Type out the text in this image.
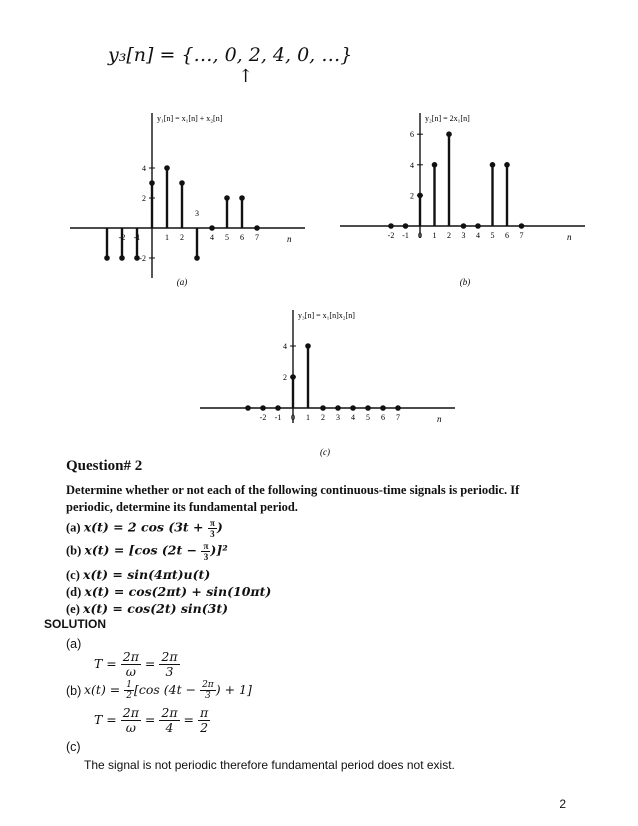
y₃[n] = {…, 0, 2, 4, 0, …}
↑
n
y₁[n] = x₁[n] + x₂[n]
-2 -1	1 2	4 5 6 7
4
2
-2
3
(a)
n
y₂[n] = 2x₁[n]
-2 -1 0 1 2 3 4 5 6 7
6
4
2
(b)
n
y₃[n] = x₁[n]x₂[n]
-2 -1 0 1 2 3 4 5 6 7
4
2
(c)
Question# 2
Determine whether or not each of the following continuous-time signals is periodic. If periodic, determine its fundamental period.
(a) x(t) = 2 $\cos (3t + \frac{\pi}{3}$ )
(b) x(t) = [cos $(2t - \frac{\pi}{3} )]^2$
(c) x(t) = sin(4πt)u(t)
(d) x(t) = cos(2πt) + sin(10πt)
(e) x(t) = cos(2t) sin(3t)
SOLUTION
(a)
$T = \frac{2\pi}{\omega} = \frac{2\pi}{3}$
(b) $x(t) = \frac{1}{2} [\cos$ ($4t - \frac{2\pi}{3}$ ) + 1]
$T = \frac{2\pi}{\omega} = \frac{2\pi}{4} = \frac{\pi}{2}$
(c)
The signal is not periodic therefore fundamental period does not exist.
2
